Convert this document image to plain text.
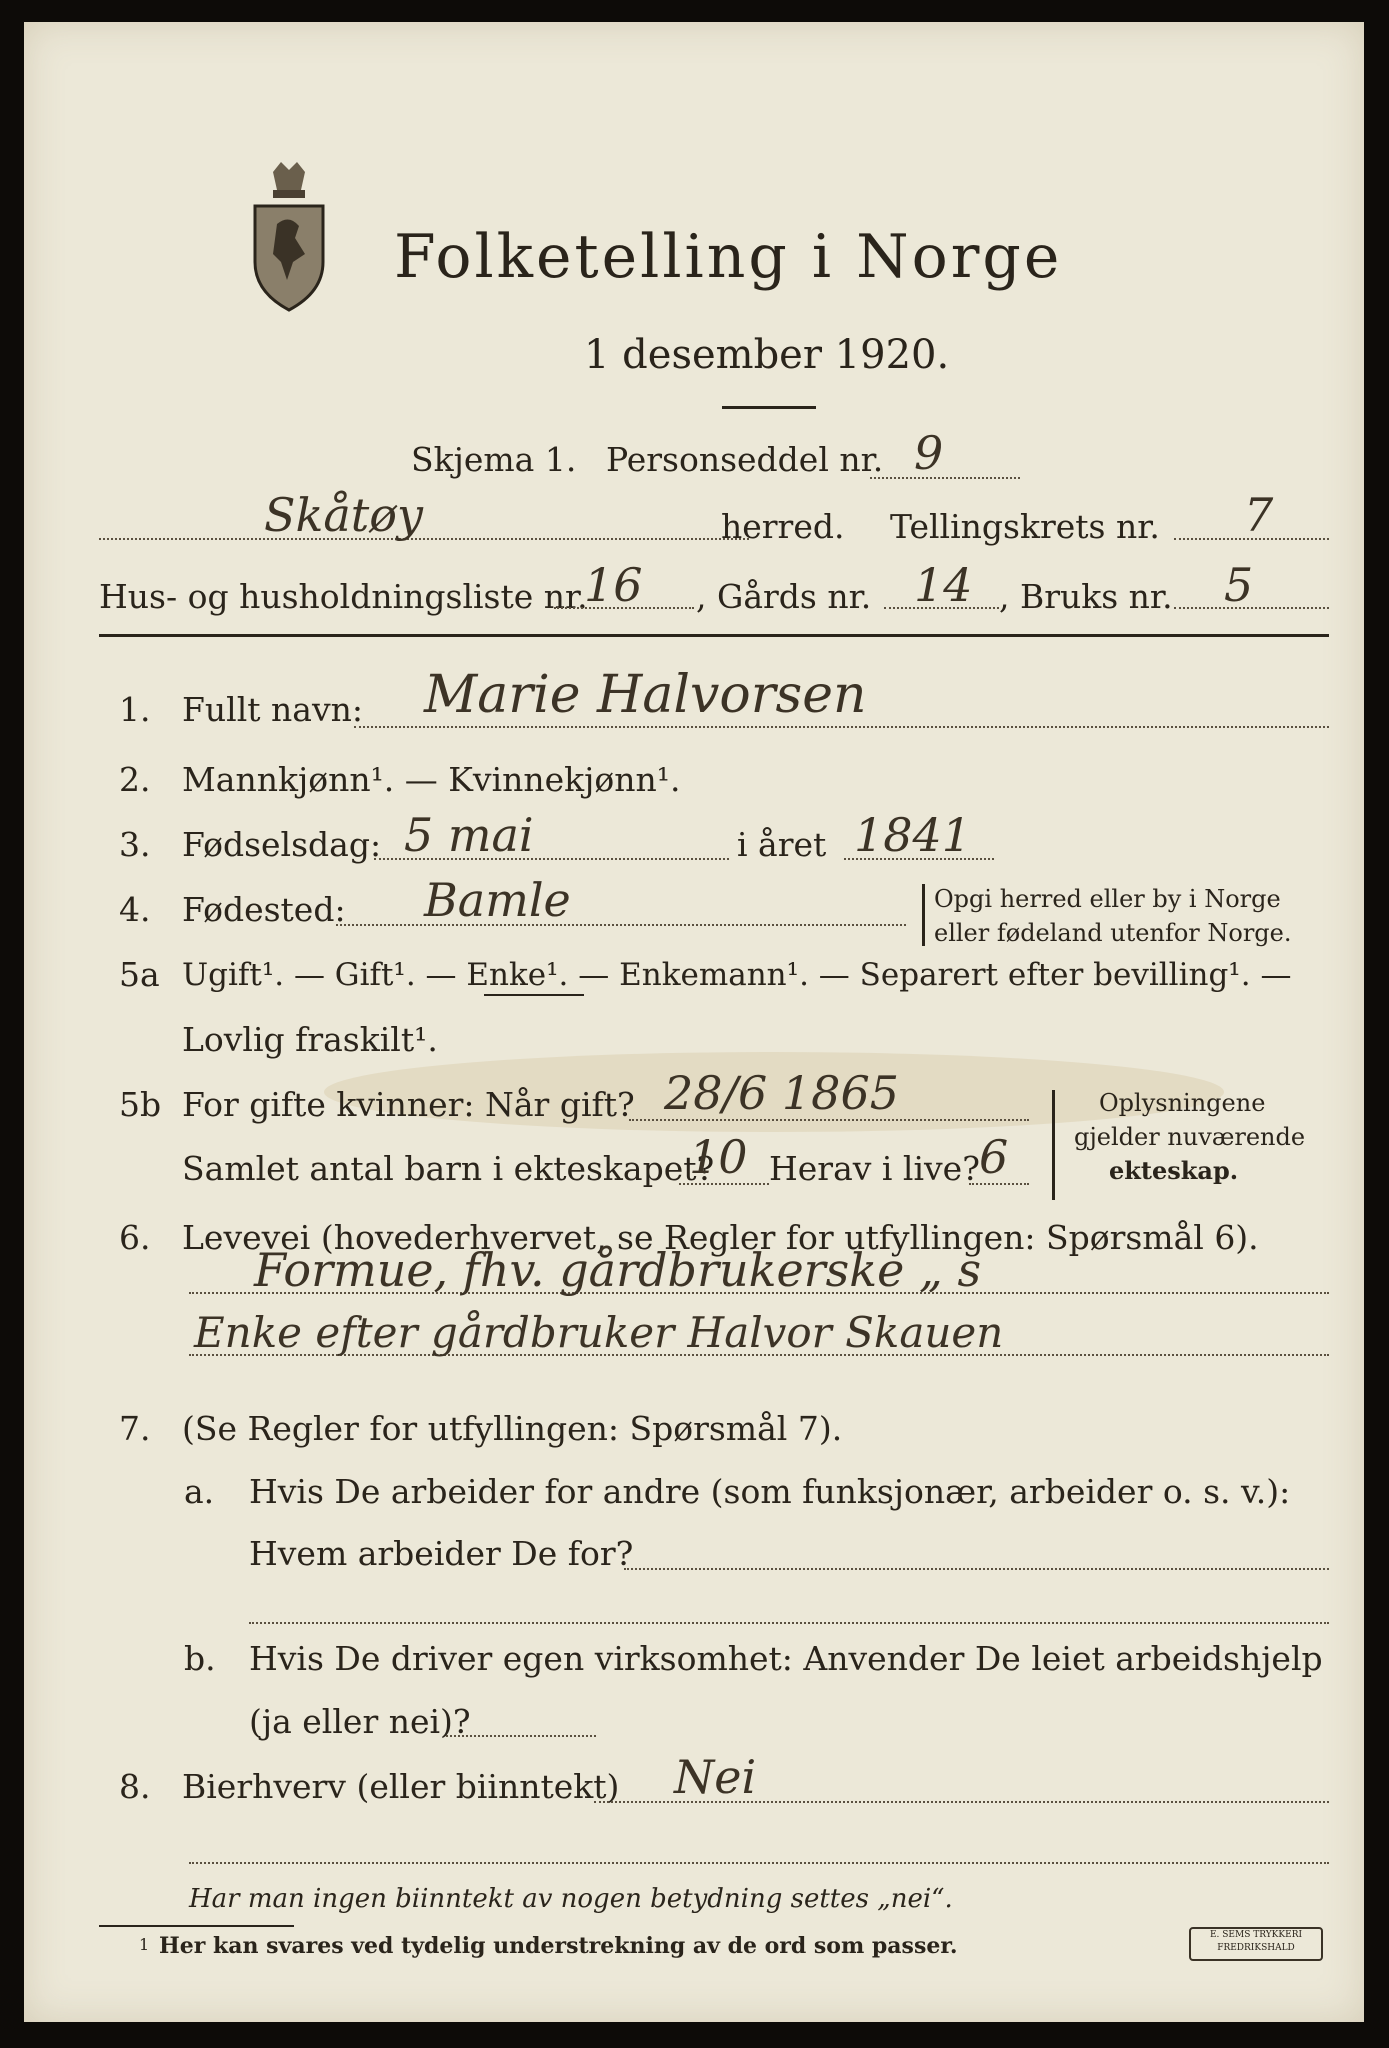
Folketelling i Norge
1 desember 1920.
Skjema 1. Personseddel nr. 9
Skåtøy	herred. Tellingskrets nr. 7
Hus- og husholdningsliste nr.
16 , Gårds nr. 14 , Bruks nr. 5
1. Fullt navn: Marie Halvorsen
2. Mannkjønn¹. — Kvinnekjønn¹.
3. Fødselsdag: 5 mai	i året 1841
4. Fødested: Bamle	Opgi herred eller by i Norge
eller fødeland utenfor Norge.
5a Ugift¹. — Gift¹. — Enke¹. — Enkemann¹. — Separert efter bevilling¹. —
Lovlig fraskilt¹.
5b For gifte kvinner: Når gift? 28/6 1865
Samlet antal barn i ekteskapet?
10 Herav i live? 6
Oplysningene
gjelder nuværende
ekteskap.
6. Levevei (hovederhvervet, se Regler for utfyllingen: Spørsmål 6).
Formue, fhv. gårdbrukerske „ s
Enke efter gårdbruker Halvor Skauen
7. (Se Regler for utfyllingen: Spørsmål 7).
a. Hvis De arbeider for andre (som funksjonær, arbeider o. s. v.):
Hvem arbeider De for?
b. Hvis De driver egen virksomhet: Anvender De leiet arbeidshjelp
(ja eller nei)?
8. Bierhverv (eller biinntekt) Nei
Har man ingen biinntekt av nogen betydning settes „nei“.
1 Her kan svares ved tydelig understrekning av de ord som passer.	E. SEMS TRYKKERI
FREDRIKSHALD
